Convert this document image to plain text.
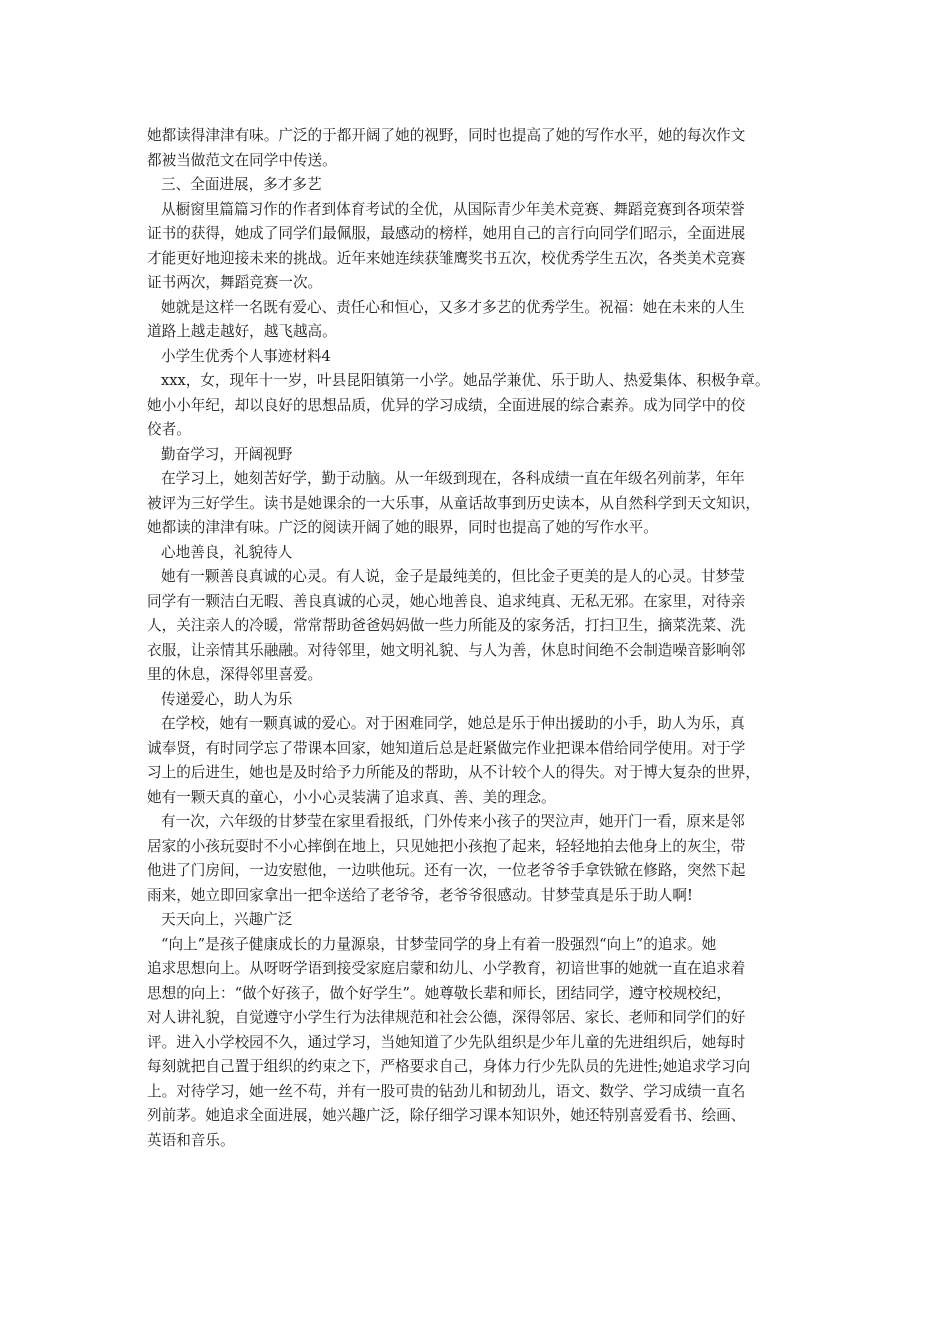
她都读得津津有味。广泛的于都开阔了她的视野，同时也提高了她的写作水平，她的每次作文
都被当做范文在同学中传送。
三、全面进展，多才多艺
从橱窗里篇篇习作的作者到体育考试的全优，从国际青少年美术竞赛、舞蹈竞赛到各项荣誉
证书的获得，她成了同学们最佩服，最感动的榜样，她用自己的言行向同学们昭示，全面进展
才能更好地迎接未来的挑战。近年来她连续获雏鹰奖书五次，校优秀学生五次，各类美术竞赛
证书两次，舞蹈竞赛一次。
她就是这样一名既有爱心、责任心和恒心，又多才多艺的优秀学生。祝福：她在未来的人生
道路上越走越好，越飞越高。
小学生优秀个人事迹材料4
xxx，女，现年十一岁，叶县昆阳镇第一小学。她品学兼优、乐于助人、热爱集体、积极争章。
她小小年纪，却以良好的思想品质，优异的学习成绩，全面进展的综合素养。成为同学中的佼
佼者。
勤奋学习，开阔视野
在学习上，她刻苦好学，勤于动脑。从一年级到现在，各科成绩一直在年级名列前茅，年年
被评为三好学生。读书是她课余的一大乐事，从童话故事到历史读本，从自然科学到天文知识，
她都读的津津有味。广泛的阅读开阔了她的眼界，同时也提高了她的写作水平。
心地善良，礼貌待人
她有一颗善良真诚的心灵。有人说，金子是最纯美的，但比金子更美的是人的心灵。甘梦莹
同学有一颗洁白无暇、善良真诚的心灵，她心地善良、追求纯真、无私无邪。在家里，对待亲
人，关注亲人的冷暖，常常帮助爸爸妈妈做一些力所能及的家务活，打扫卫生，摘菜洗菜、洗
衣服，让亲情其乐融融。对待邻里，她文明礼貌、与人为善，休息时间绝不会制造噪音影响邻
里的休息，深得邻里喜爱。
传递爱心，助人为乐
在学校，她有一颗真诚的爱心。对于困难同学，她总是乐于伸出援助的小手，助人为乐，真
诚奉贤，有时同学忘了带课本回家，她知道后总是赶紧做完作业把课本借给同学使用。对于学
习上的后进生，她也是及时给予力所能及的帮助，从不计较个人的得失。对于博大复杂的世界，
她有一颗天真的童心，小小心灵装满了追求真、善、美的理念。
有一次，六年级的甘梦莹在家里看报纸，门外传来小孩子的哭泣声，她开门一看，原来是邻
居家的小孩玩耍时不小心摔倒在地上，只见她把小孩抱了起来，轻轻地拍去他身上的灰尘，带
他进了门房间，一边安慰他，一边哄他玩。还有一次，一位老爷爷手拿铁锨在修路，突然下起
雨来，她立即回家拿出一把伞送给了老爷爷，老爷爷很感动。甘梦莹真是乐于助人啊!
天天向上，兴趣广泛
“向上”是孩子健康成长的力量源泉，甘梦莹同学的身上有着一股强烈“向上”的追求。她
追求思想向上。从呀呀学语到接受家庭启蒙和幼儿、小学教育，初谙世事的她就一直在追求着
思想的向上：“做个好孩子，做个好学生”。她尊敬长辈和师长，团结同学，遵守校规校纪，
对人讲礼貌，自觉遵守小学生行为法律规范和社会公德，深得邻居、家长、老师和同学们的好
评。进入小学校园不久，通过学习，当她知道了少先队组织是少年儿童的先进组织后，她每时
每刻就把自己置于组织的约束之下，严格要求自己，身体力行少先队员的先进性;她追求学习向
上。对待学习，她一丝不苟，并有一股可贵的钻劲儿和韧劲儿，语文、数学、学习成绩一直名
列前茅。她追求全面进展，她兴趣广泛，除仔细学习课本知识外，她还特别喜爱看书、绘画、
英语和音乐。
